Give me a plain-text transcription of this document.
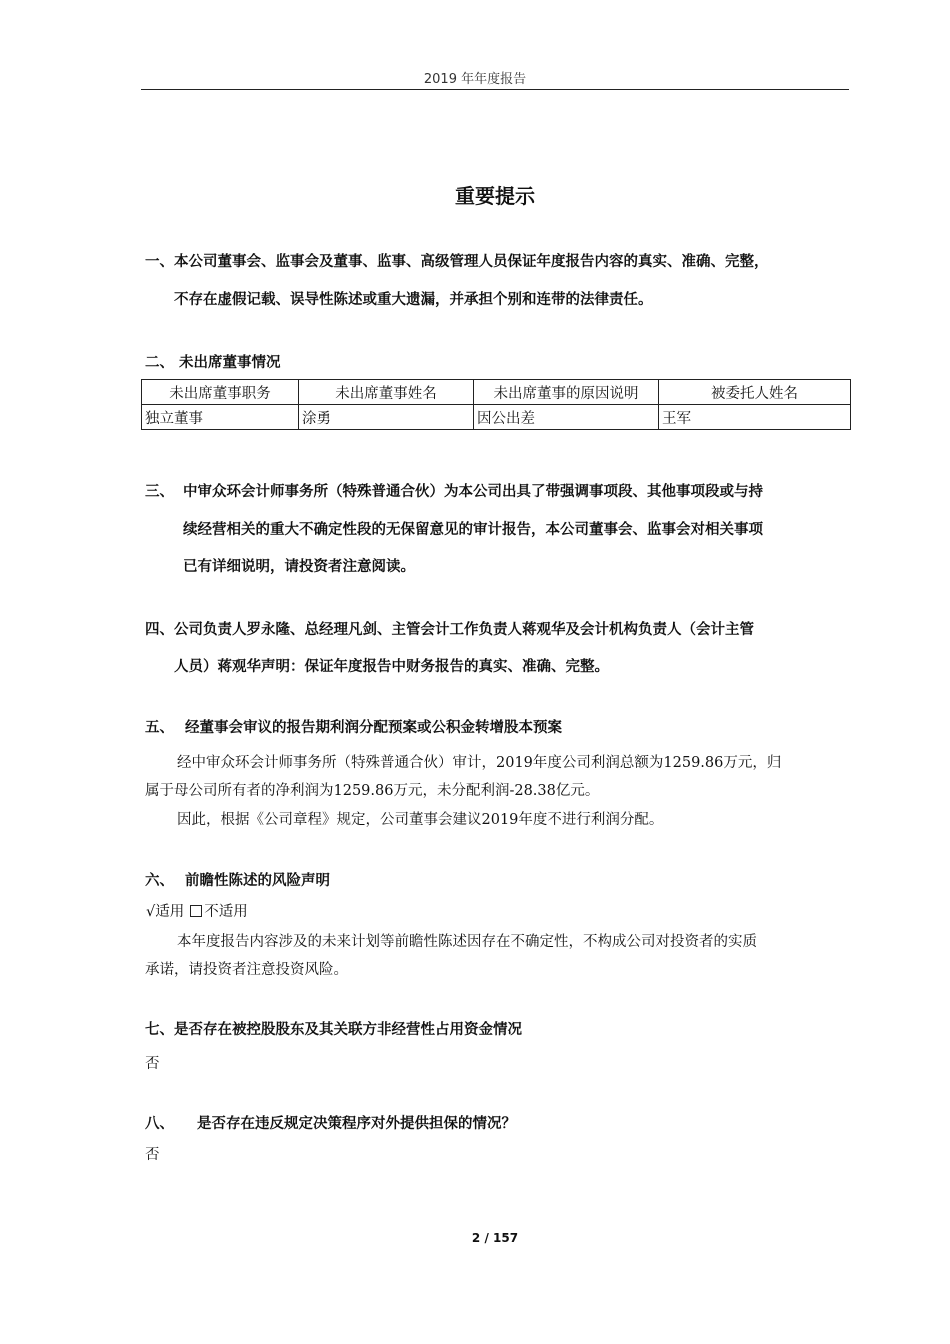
2019 年年度报告
重要提示
一、本公司董事会、监事会及董事、监事、高级管理人员保证年度报告内容的真实、准确、完整，
不存在虚假记载、误导性陈述或重大遗漏，并承担个别和连带的法律责任。
二、 未出席董事情况
未出席董事职务	未出席董事姓名	未出席董事的原因说明	被委托人姓名
独立董事	涂勇	因公出差	王军
三、 中审众环会计师事务所（特殊普通合伙）为本公司出具了带强调事项段、其他事项段或与持
续经营相关的重大不确定性段的无保留意见的审计报告，本公司董事会、监事会对相关事项
已有详细说明，请投资者注意阅读。
四、公司负责人罗永隆、总经理凡剑、主管会计工作负责人蒋观华及会计机构负责人（会计主管
人员）蒋观华声明：保证年度报告中财务报告的真实、准确、完整。
五、 经董事会审议的报告期利润分配预案或公积金转增股本预案
经中审众环会计师事务所（特殊普通合伙）审计，2019年度公司利润总额为1259.86万元，归
属于母公司所有者的净利润为1259.86万元，未分配利润-28.38亿元。
因此，根据《公司章程》规定，公司董事会建议2019年度不进行利润分配。
六、 前瞻性陈述的风险声明
√适用 不适用
本年度报告内容涉及的未来计划等前瞻性陈述因存在不确定性，不构成公司对投资者的实质
承诺，请投资者注意投资风险。
七、是否存在被控股股东及其关联方非经营性占用资金情况
否
八、 是否存在违反规定决策程序对外提供担保的情况？
否
2 / 157
